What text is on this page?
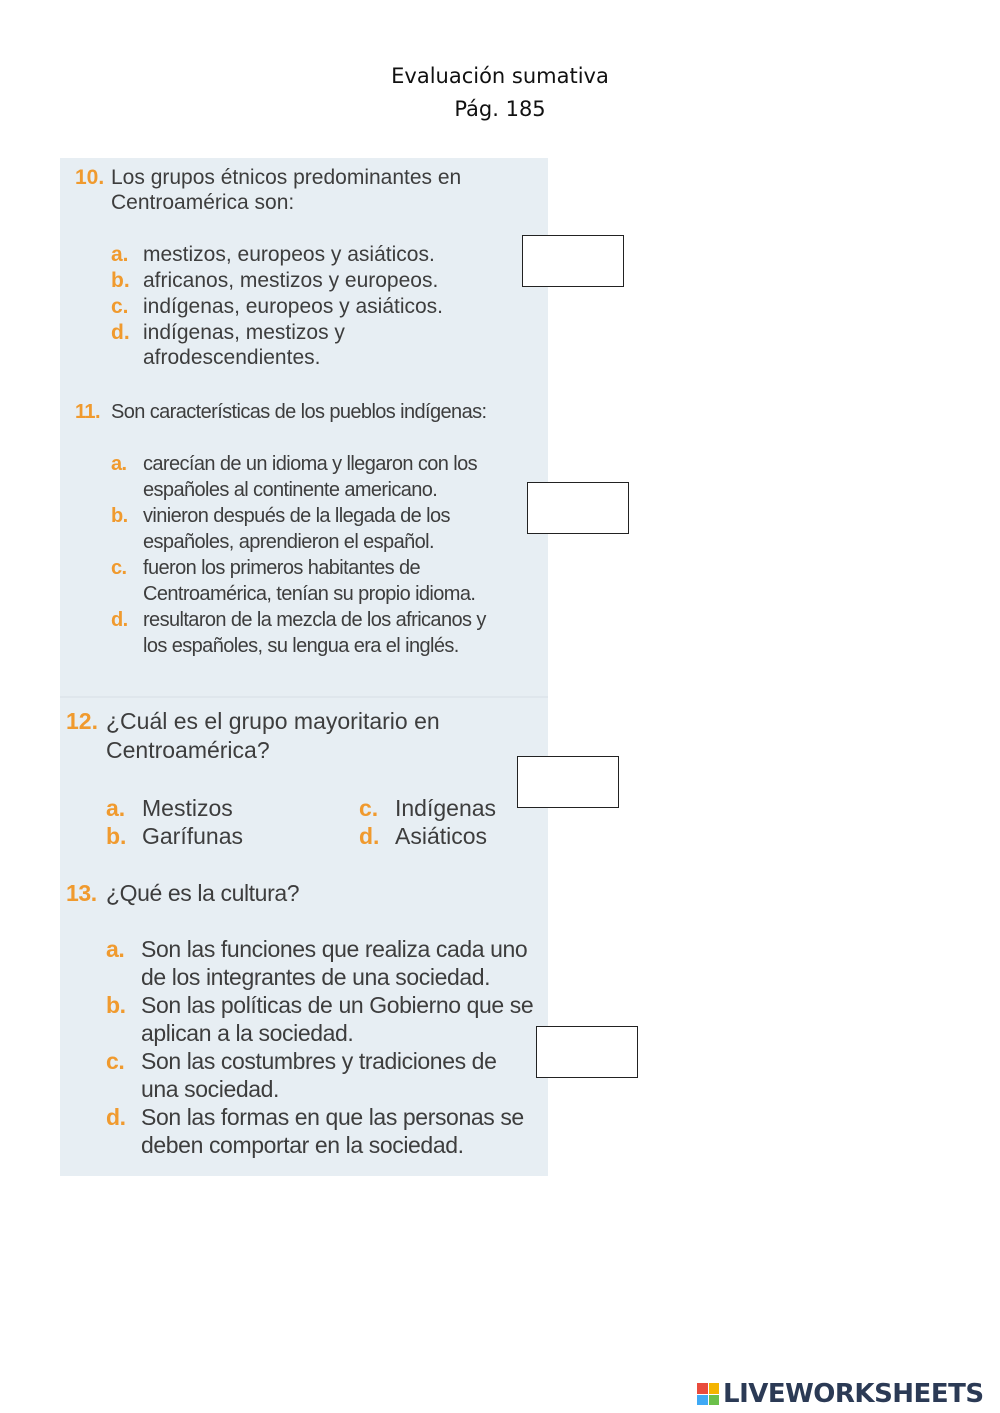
Evaluación sumativa
Pág. 185
10. Los grupos étnicos predominantes en Centroamérica son:
a. mestizos, europeos y asiáticos.
b. africanos, mestizos y europeos.
c. indígenas, europeos y asiáticos.
d. indígenas, mestizos y afrodescendientes.
11. Son características de los pueblos indígenas:
a. carecían de un idioma y llegaron con los españoles al continente americano.
b. vinieron después de la llegada de los españoles, aprendieron el español.
c. fueron los primeros habitantes de Centroamérica, tenían su propio idioma.
d. resultaron de la mezcla de los africanos y los españoles, su lengua era el inglés.
12. ¿Cuál es el grupo mayoritario en Centroamérica?
a. Mestizos
b. Garífunas
c. Indígenas
d. Asiáticos
13. ¿Qué es la cultura?
a. Son las funciones que realiza cada uno de los integrantes de una sociedad.
b. Son las políticas de un Gobierno que se aplican a la sociedad.
c. Son las costumbres y tradiciones de una sociedad.
d. Son las formas en que las personas se deben comportar en la sociedad.
LIVEWORKSHEETS
